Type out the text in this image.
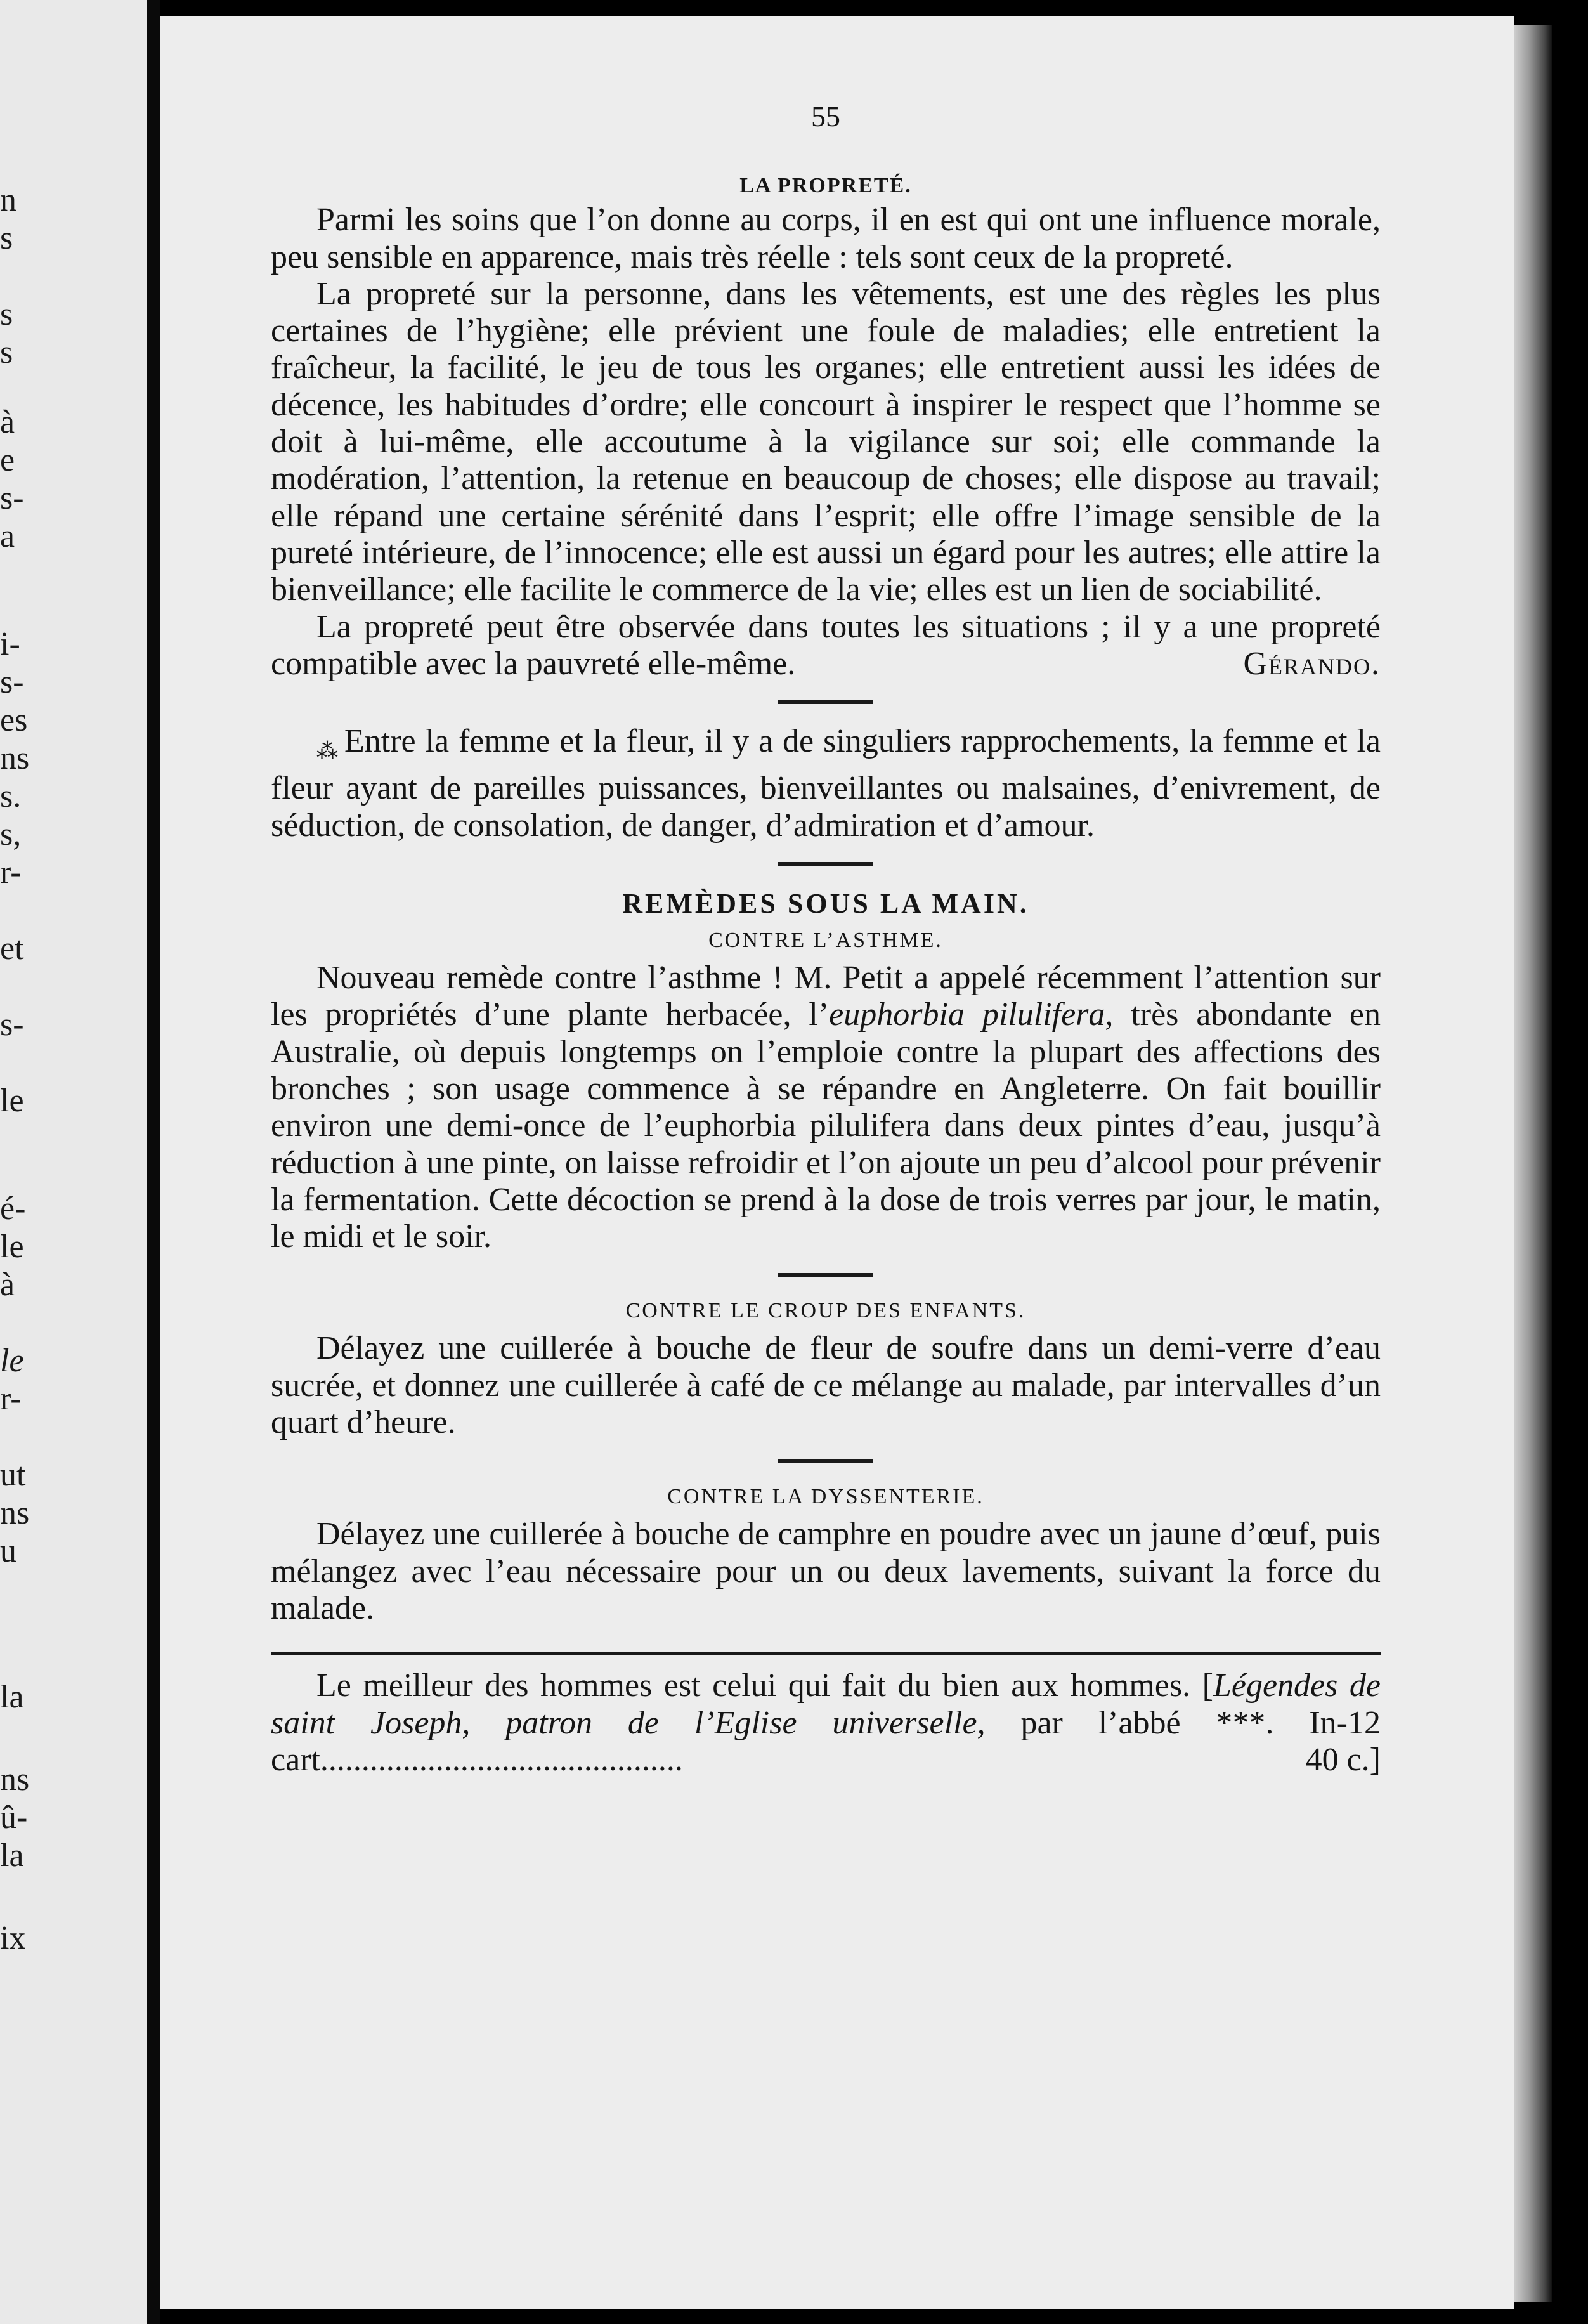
n
s
s
s
à
e
s-
a
i-
s-
es
ns
s.
s,
r-
et
s-
le
é-
le
à
le
r-
ut
ns
u
la
ns
û-
la
ix

55

LA PROPRETÉ.

Parmi les soins que l’on donne au corps, il en est qui ont une influence morale, peu sensible en apparence, mais très réelle : tels sont ceux de la propreté.

La propreté sur la personne, dans les vêtements, est une des règles les plus certaines de l’hygiène; elle prévient une foule de maladies; elle entretient la fraîcheur, la facilité, le jeu de tous les organes; elle entretient aussi les idées de décence, les habitudes d’ordre; elle concourt à inspirer le respect que l’homme se doit à lui-même, elle accoutume à la vigilance sur soi; elle commande la modération, l’attention, la retenue en beaucoup de choses; elle dispose au travail; elle répand une certaine sérénité dans l’esprit; elle offre l’image sensible de la pureté intérieure, de l’innocence; elle est aussi un égard pour les autres; elle attire la bienveillance; elle facilite le commerce de la vie; elles est un lien de sociabilité.

La propreté peut être observée dans toutes les situations ; il y a une propreté compatible avec la pauvreté elle-même.	Gérando.

⁂ Entre la femme et la fleur, il y a de singuliers rapprochements, la femme et la fleur ayant de pareilles puissances, bienveillantes ou malsaines, d’enivrement, de séduction, de consolation, de danger, d’admiration et d’amour.

REMÈDES SOUS LA MAIN.

CONTRE L’ASTHME.

Nouveau remède contre l’asthme ! M. Petit a appelé récemment l’attention sur les propriétés d’une plante herbacée, l’euphorbia pilulifera, très abondante en Australie, où depuis longtemps on l’emploie contre la plupart des affections des bronches ; son usage commence à se répandre en Angleterre. On fait bouillir environ une demi-once de l’euphorbia pilulifera dans deux pintes d’eau, jusqu’à réduction à une pinte, on laisse refroidir et l’on ajoute un peu d’alcool pour prévenir la fermentation. Cette décoction se prend à la dose de trois verres par jour, le matin, le midi et le soir.

CONTRE LE CROUP DES ENFANTS.

Délayez une cuillerée à bouche de fleur de soufre dans un demi-verre d’eau sucrée, et donnez une cuillerée à café de ce mélange au malade, par intervalles d’un quart d’heure.

CONTRE LA DYSSENTERIE.

Délayez une cuillerée à bouche de camphre en poudre avec un jaune d’œuf, puis mélangez avec l’eau nécessaire pour un ou deux lavements, suivant la force du malade.

Le meilleur des hommes est celui qui fait du bien aux hommes. [Légendes de saint Joseph, patron de l’Eglise universelle, par l’abbé ***. In-12 cart............................................	40 c.]
